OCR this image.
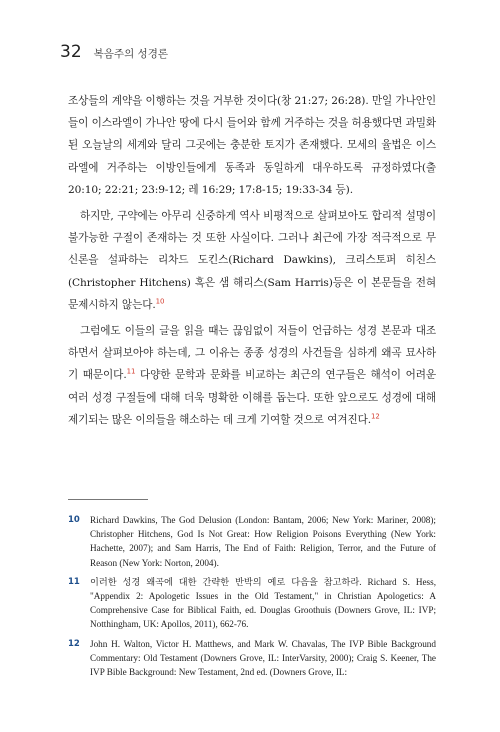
32 복음주의 성경론

조상들의 계약을 이행하는 것을 거부한 것이다(창 21:27; 26:28). 만일 가나안인들이 이스라엘이 가나안 땅에 다시 들어와 함께 거주하는 것을 허용했다면 과밀화된 오늘날의 세계와 달리 그곳에는 충분한 토지가 존재했다. 모세의 율법은 이스라엘에 거주하는 이방인들에게 동족과 동일하게 대우하도록 규정하였다(출 20:10; 22:21; 23:9-12; 레 16:29; 17:8-15; 19:33-34 등).

하지만, 구약에는 아무리 신중하게 역사 비평적으로 살펴보아도 합리적 설명이 불가능한 구절이 존재하는 것 또한 사실이다. 그러나 최근에 가장 적극적으로 무신론을 설파하는 리차드 도킨스(Richard Dawkins), 크리스토퍼 히친스(Christopher Hitchens) 혹은 샘 해리스(Sam Harris)등은 이 본문들을 전혀 문제시하지 않는다.$^{10}$

그럼에도 이들의 글을 읽을 때는 끊임없이 저들이 언급하는 성경 본문과 대조하면서 살펴보아야 하는데, 그 이유는 종종 성경의 사건들을 심하게 왜곡 묘사하기 때문이다.$^{11}$ 다양한 문학과 문화를 비교하는 최근의 연구들은 해석이 어려운 여러 성경 구절들에 대해 더욱 명확한 이해를 돕는다. 또한 앞으로도 성경에 대해 제기되는 많은 이의들을 해소하는 데 크게 기여할 것으로 여겨진다.$^{12}$

10	Richard Dawkins, The God Delusion (London: Bantam, 2006; New York: Mariner, 2008); Christopher Hitchens, God Is Not Great: How Religion Poisons Everything (New York: Hachette, 2007); and Sam Harris, The End of Faith: Religion, Terror, and the Future of Reason (New York: Norton, 2004).
11	이러한 성경 왜곡에 대한 간략한 반박의 예로 다음을 참고하라. Richard S. Hess, "Appendix 2: Apologetic Issues in the Old Testament," in Christian Apologetics: A Comprehensive Case for Biblical Faith, ed. Douglas Groothuis (Downers Grove, IL: IVP; Notthingham, UK: Apollos, 2011), 662-76.
12	John H. Walton, Victor H. Matthews, and Mark W. Chavalas, The IVP Bible Background Commentary: Old Testament (Downers Grove, IL: InterVarsity, 2000); Craig S. Keener, The IVP Bible Background: New Testament, 2nd ed. (Downers Grove, IL:
